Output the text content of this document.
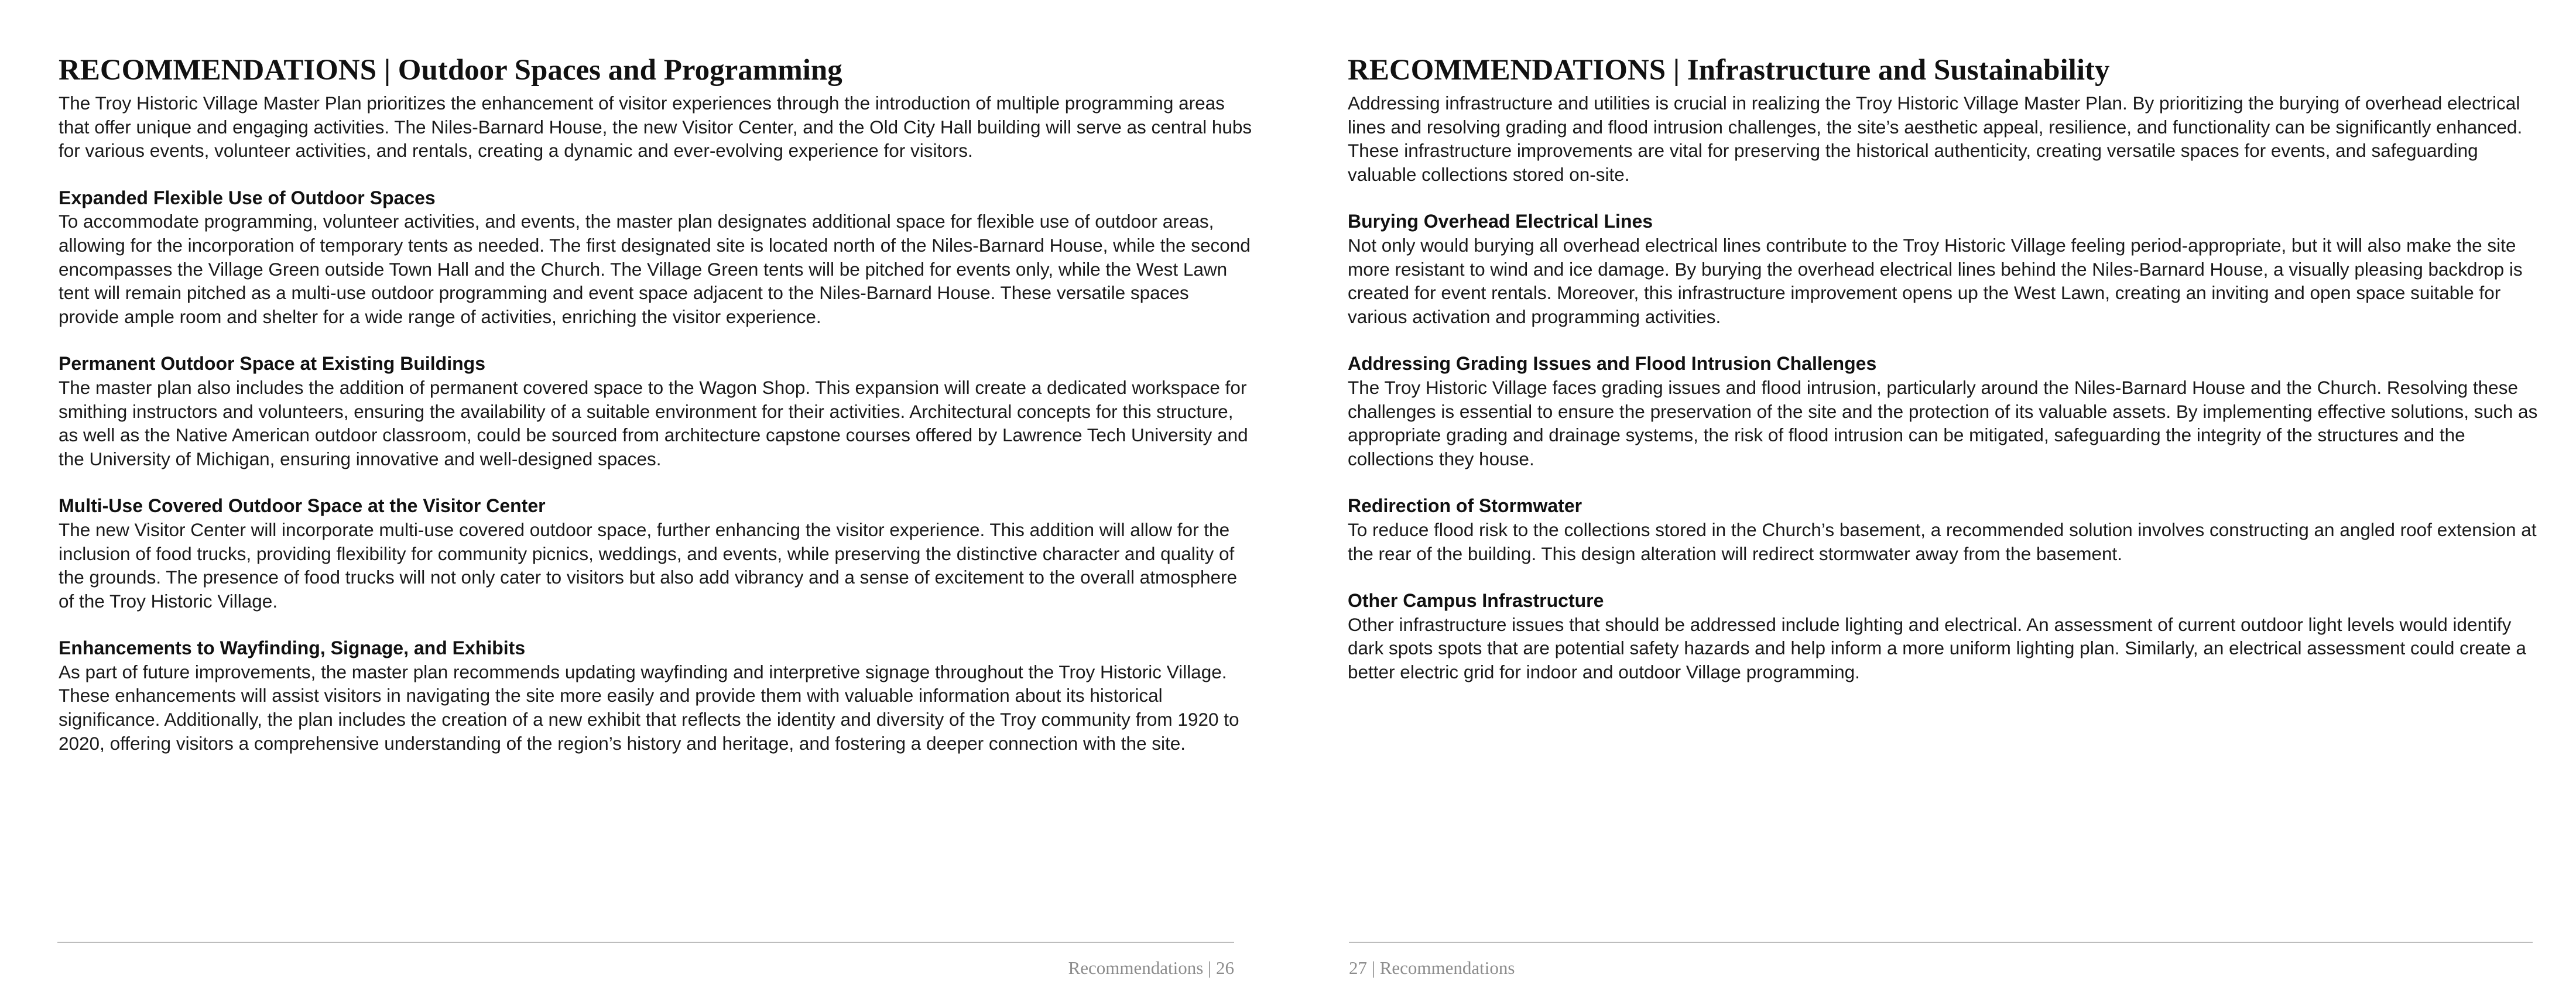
RECOMMENDATIONS | Outdoor Spaces and Programming

The Troy Historic Village Master Plan prioritizes the enhancement of visitor experiences through the introduction of multiple programming areas that offer unique and engaging activities. The Niles-Barnard House, the new Visitor Center, and the Old City Hall building will serve as central hubs for various events, volunteer activities, and rentals, creating a dynamic and ever-evolving experience for visitors.

Expanded Flexible Use of Outdoor Spaces

To accommodate programming, volunteer activities, and events, the master plan designates additional space for flexible use of outdoor areas, allowing for the incorporation of temporary tents as needed. The first designated site is located north of the Niles-Barnard House, while the second encompasses the Village Green outside Town Hall and the Church. The Village Green tents will be pitched for events only, while the West Lawn tent will remain pitched as a multi-use outdoor programming and event space adjacent to the Niles-Barnard House. These versatile spaces provide ample room and shelter for a wide range of activities, enriching the visitor experience.

Permanent Outdoor Space at Existing Buildings

The master plan also includes the addition of permanent covered space to the Wagon Shop. This expansion will create a dedicated workspace for smithing instructors and volunteers, ensuring the availability of a suitable environment for their activities. Architectural concepts for this structure, as well as the Native American outdoor classroom, could be sourced from architecture capstone courses offered by Lawrence Tech University and the University of Michigan, ensuring innovative and well-designed spaces.

Multi-Use Covered Outdoor Space at the Visitor Center

The new Visitor Center will incorporate multi-use covered outdoor space, further enhancing the visitor experience. This addition will allow for the inclusion of food trucks, providing flexibility for community picnics, weddings, and events, while preserving the distinctive character and quality of the grounds. The presence of food trucks will not only cater to visitors but also add vibrancy and a sense of excitement to the overall atmosphere of the Troy Historic Village.

Enhancements to Wayfinding, Signage, and Exhibits

As part of future improvements, the master plan recommends updating wayfinding and interpretive signage throughout the Troy Historic Village. These enhancements will assist visitors in navigating the site more easily and provide them with valuable information about its historical significance. Additionally, the plan includes the creation of a new exhibit that reflects the identity and diversity of the Troy community from 1920 to 2020, offering visitors a comprehensive understanding of the region’s history and heritage, and fostering a deeper connection with the site.

Recommendations | 26
RECOMMENDATIONS | Infrastructure and Sustainability

Addressing infrastructure and utilities is crucial in realizing the Troy Historic Village Master Plan. By prioritizing the burying of overhead electrical lines and resolving grading and flood intrusion challenges, the site’s aesthetic appeal, resilience, and functionality can be significantly enhanced. These infrastructure improvements are vital for preserving the historical authenticity, creating versatile spaces for events, and safeguarding valuable collections stored on-site.

Burying Overhead Electrical Lines

Not only would burying all overhead electrical lines contribute to the Troy Historic Village feeling period-appropriate, but it will also make the site more resistant to wind and ice damage. By burying the overhead electrical lines behind the Niles-Barnard House, a visually pleasing backdrop is created for event rentals. Moreover, this infrastructure improvement opens up the West Lawn, creating an inviting and open space suitable for various activation and programming activities.

Addressing Grading Issues and Flood Intrusion Challenges

The Troy Historic Village faces grading issues and flood intrusion, particularly around the Niles-Barnard House and the Church. Resolving these challenges is essential to ensure the preservation of the site and the protection of its valuable assets. By implementing effective solutions, such as appropriate grading and drainage systems, the risk of flood intrusion can be mitigated, safeguarding the integrity of the structures and the collections they house.

Redirection of Stormwater

To reduce flood risk to the collections stored in the Church’s basement, a recommended solution involves constructing an angled roof extension at the rear of the building. This design alteration will redirect stormwater away from the basement.

Other Campus Infrastructure

Other infrastructure issues that should be addressed include lighting and electrical. An assessment of current outdoor light levels would identify dark spots spots that are potential safety hazards and help inform a more uniform lighting plan. Similarly, an electrical assessment could create a better electric grid for indoor and outdoor Village programming.

27 | Recommendations
